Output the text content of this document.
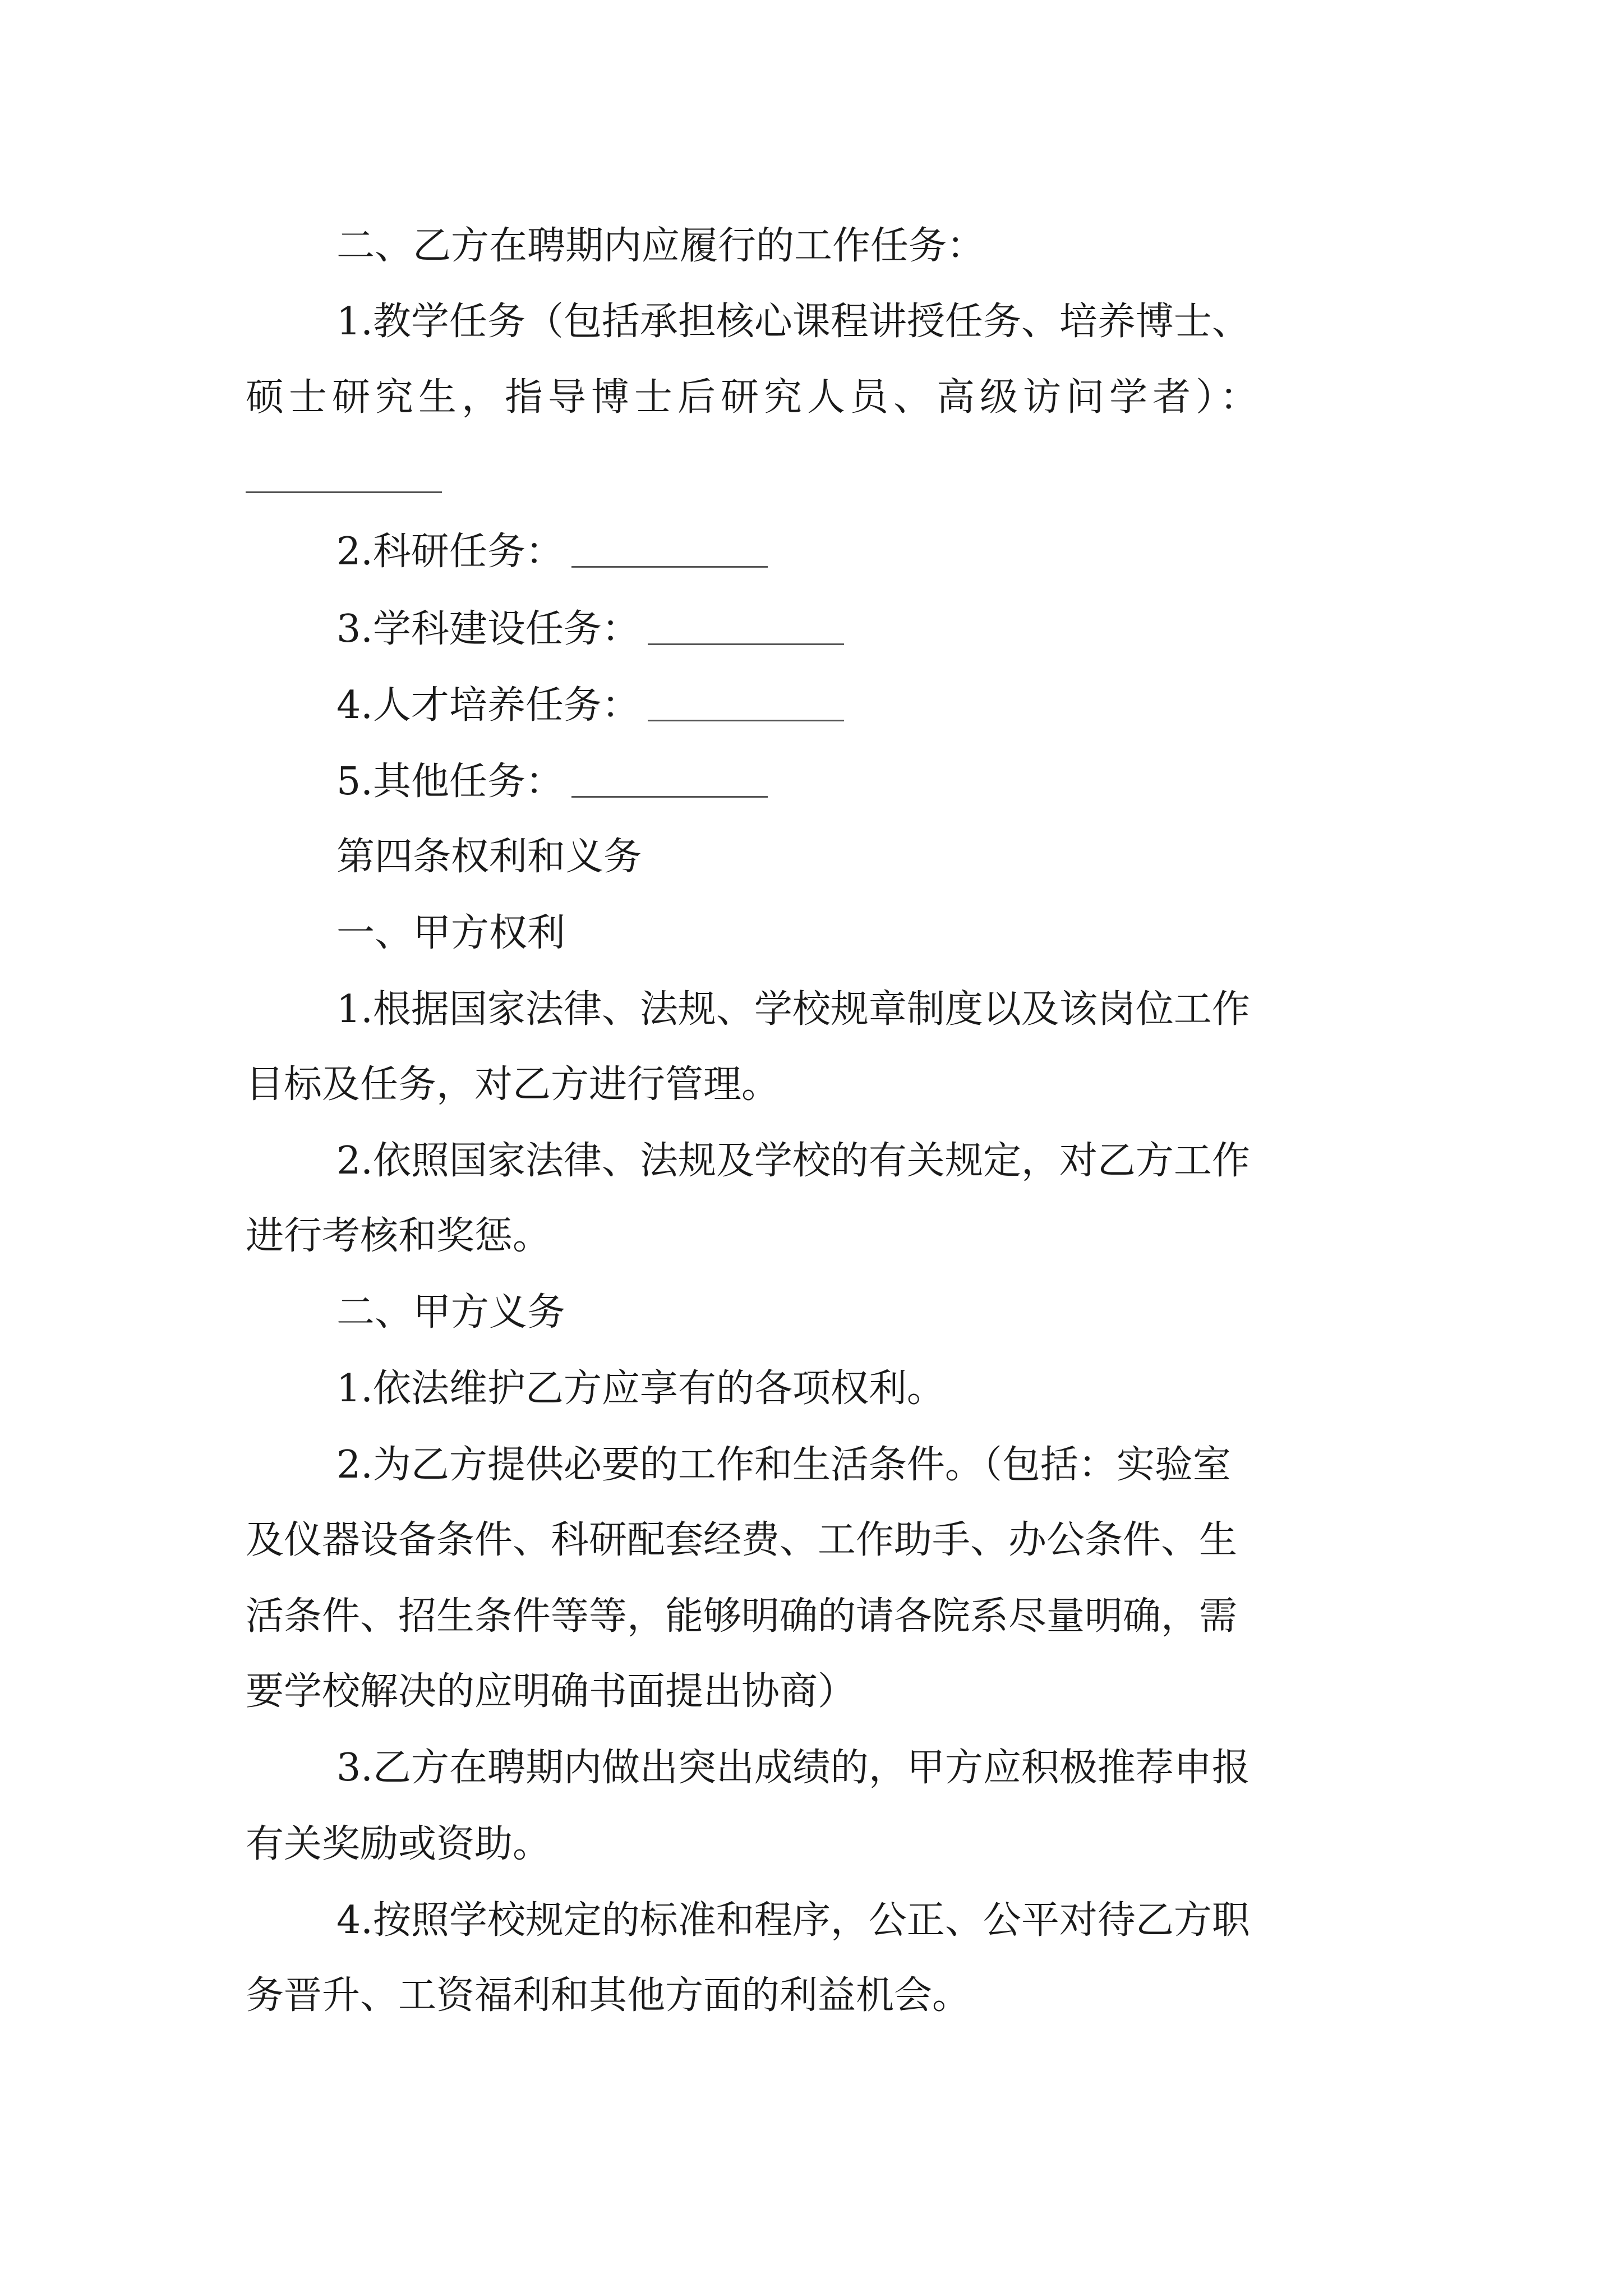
二、乙方在聘期内应履行的工作任务：
1.教学任务（包括承担核心课程讲授任务、培养博士、
硕士研究生，指导博士后研究人员、高级访问学者）：
2.科研任务：
3.学科建设任务：
4.人才培养任务：
5.其他任务：
第四条权利和义务
一、甲方权利
1.根据国家法律、法规、学校规章制度以及该岗位工作
目标及任务，对乙方进行管理。
2.依照国家法律、法规及学校的有关规定，对乙方工作
进行考核和奖惩。
二、甲方义务
1.依法维护乙方应享有的各项权利。
2.为乙方提供必要的工作和生活条件。（包括：实验室
及仪器设备条件、科研配套经费、工作助手、办公条件、生
活条件、招生条件等等，能够明确的请各院系尽量明确，需
要学校解决的应明确书面提出协商）
3.乙方在聘期内做出突出成绩的，甲方应积极推荐申报
有关奖励或资助。
4.按照学校规定的标准和程序，公正、公平对待乙方职
务晋升、工资福利和其他方面的利益机会。
